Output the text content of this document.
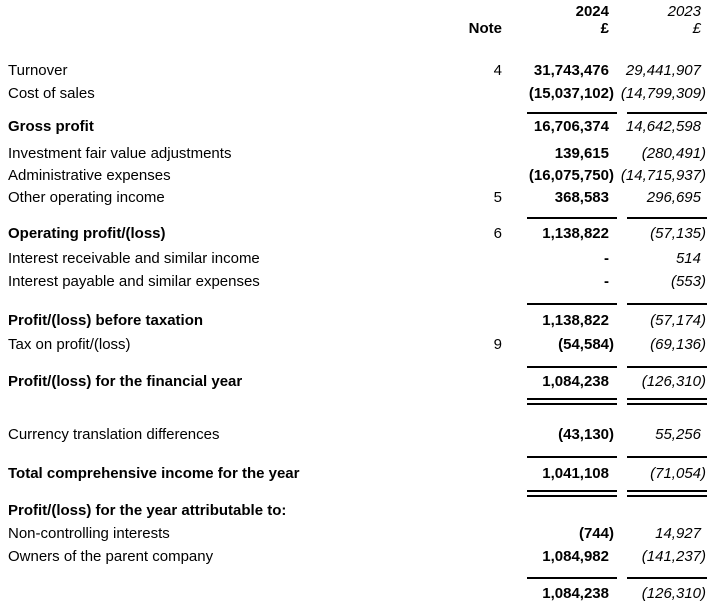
2024	2023
Note	£	£
Turnover	4	31,743,476	29,441,907
Cost of sales	(15,037,102) (14,799,309)
Gross profit	16,706,374	14,642,598
Investment fair value adjustments	139,615	(280,491)
Administrative expenses	(16,075,750) (14,715,937)
Other operating income	5	368,583	296,695
Operating profit/(loss)	6	1,138,822	(57,135)
Interest receivable and similar income	-	514
Interest payable and similar expenses	-	(553)
Profit/(loss) before taxation	1,138,822	(57,174)
Tax on profit/(loss)	9	(54,584)	(69,136)
Profit/(loss) for the financial year	1,084,238	(126,310)
Currency translation differences	(43,130)	55,256
Total comprehensive income for the year	1,041,108	(71,054)
Profit/(loss) for the year attributable to:
Non-controlling interests	(744)	14,927
Owners of the parent company	1,084,982	(141,237)
1,084,238	(126,310)
